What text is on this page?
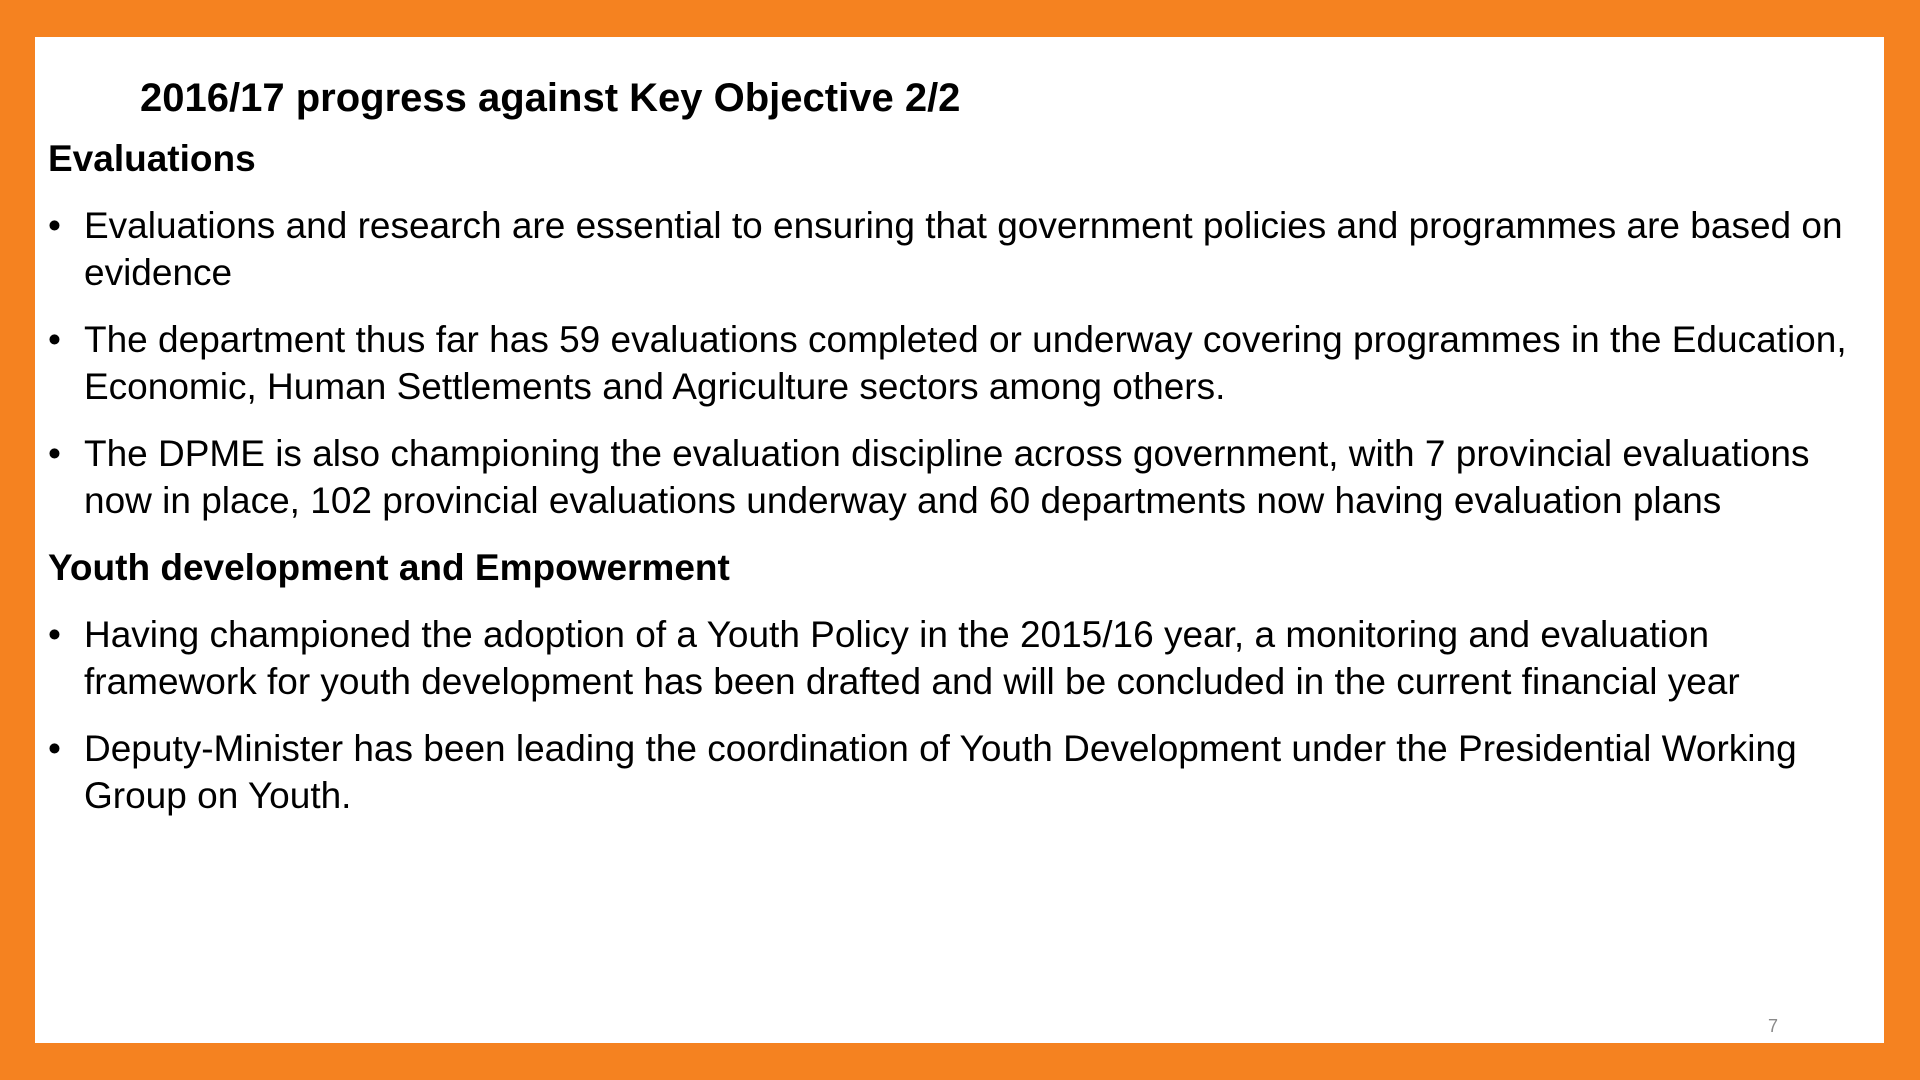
2016/17 progress against Key Objective 2/2
Evaluations
• Evaluations and research are essential to ensuring that government policies and programmes are based on evidence
• The department thus far has 59 evaluations completed or underway covering programmes in the Education, Economic, Human Settlements and Agriculture sectors among others.
• The DPME is also championing the evaluation discipline across government, with 7 provincial evaluations now in place, 102 provincial evaluations underway and 60 departments now having evaluation plans
Youth development and Empowerment
• Having championed the adoption of a Youth Policy in the 2015/16 year, a monitoring and evaluation framework for youth development has been drafted and will be concluded in the current financial year
• Deputy-Minister has been leading the coordination of Youth Development under the Presidential Working Group on Youth.
7
